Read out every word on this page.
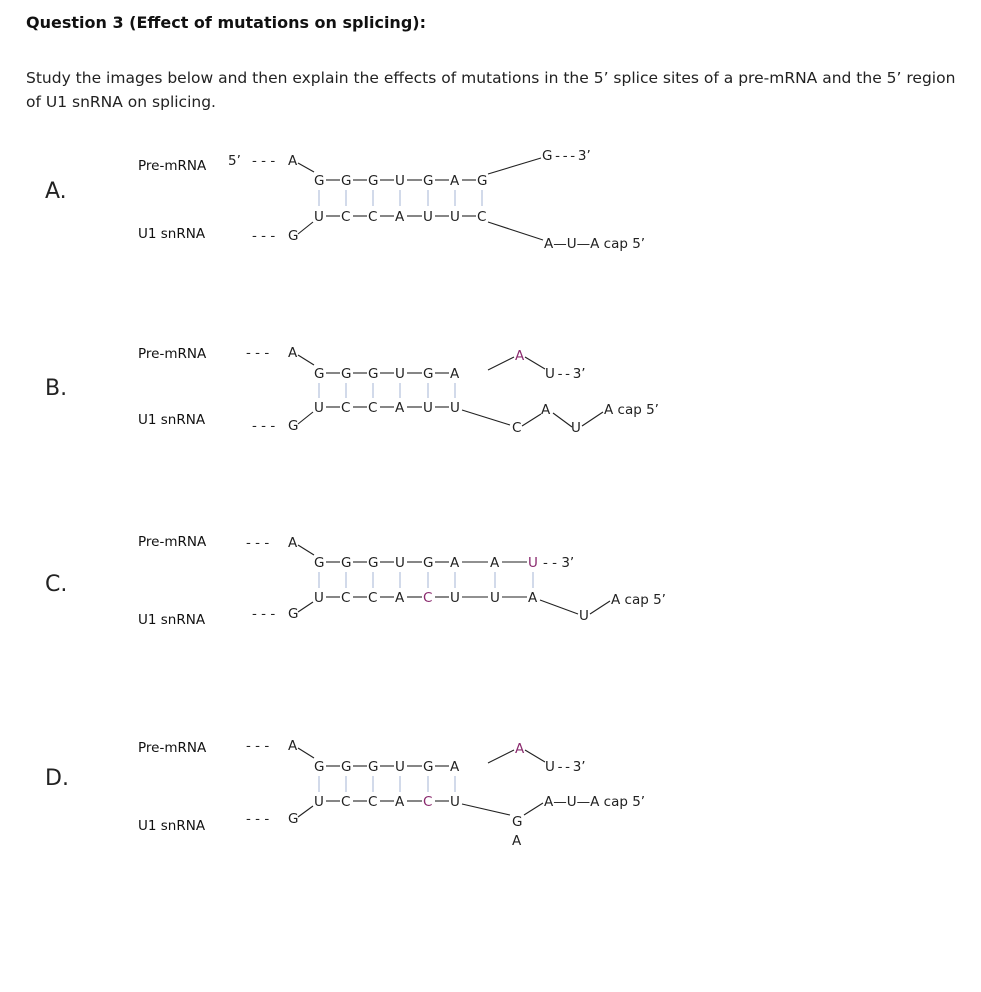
Question 3 (Effect of mutations on splicing):
Study the images below and then explain the effects of mutations in the 5’ splice sites of a pre-mRNA and the 5’ region of U1 snRNA on splicing.
A.
Pre-mRNA
U1 snRNA
5’ - - - A
G G G U G A G
G - - - 3’
U C C A U U C
- - - G	A—U—A cap 5’
B.
Pre-mRNA
U1 snRNA
- - - A
G G G U G A
A
U - - 3’
U C C A U U
C
A
U
A cap 5’
- - - G
C.
Pre-mRNA
U1 snRNA
- - - A
G G G U G A A U - - 3’
U C C A C U U A
U
A cap 5’
- - - G
D.
Pre-mRNA
U1 snRNA
- - - A
G G G U G A
A
U - - 3’
U C C A C U
G
A
A—U—A cap 5’
- - - G
